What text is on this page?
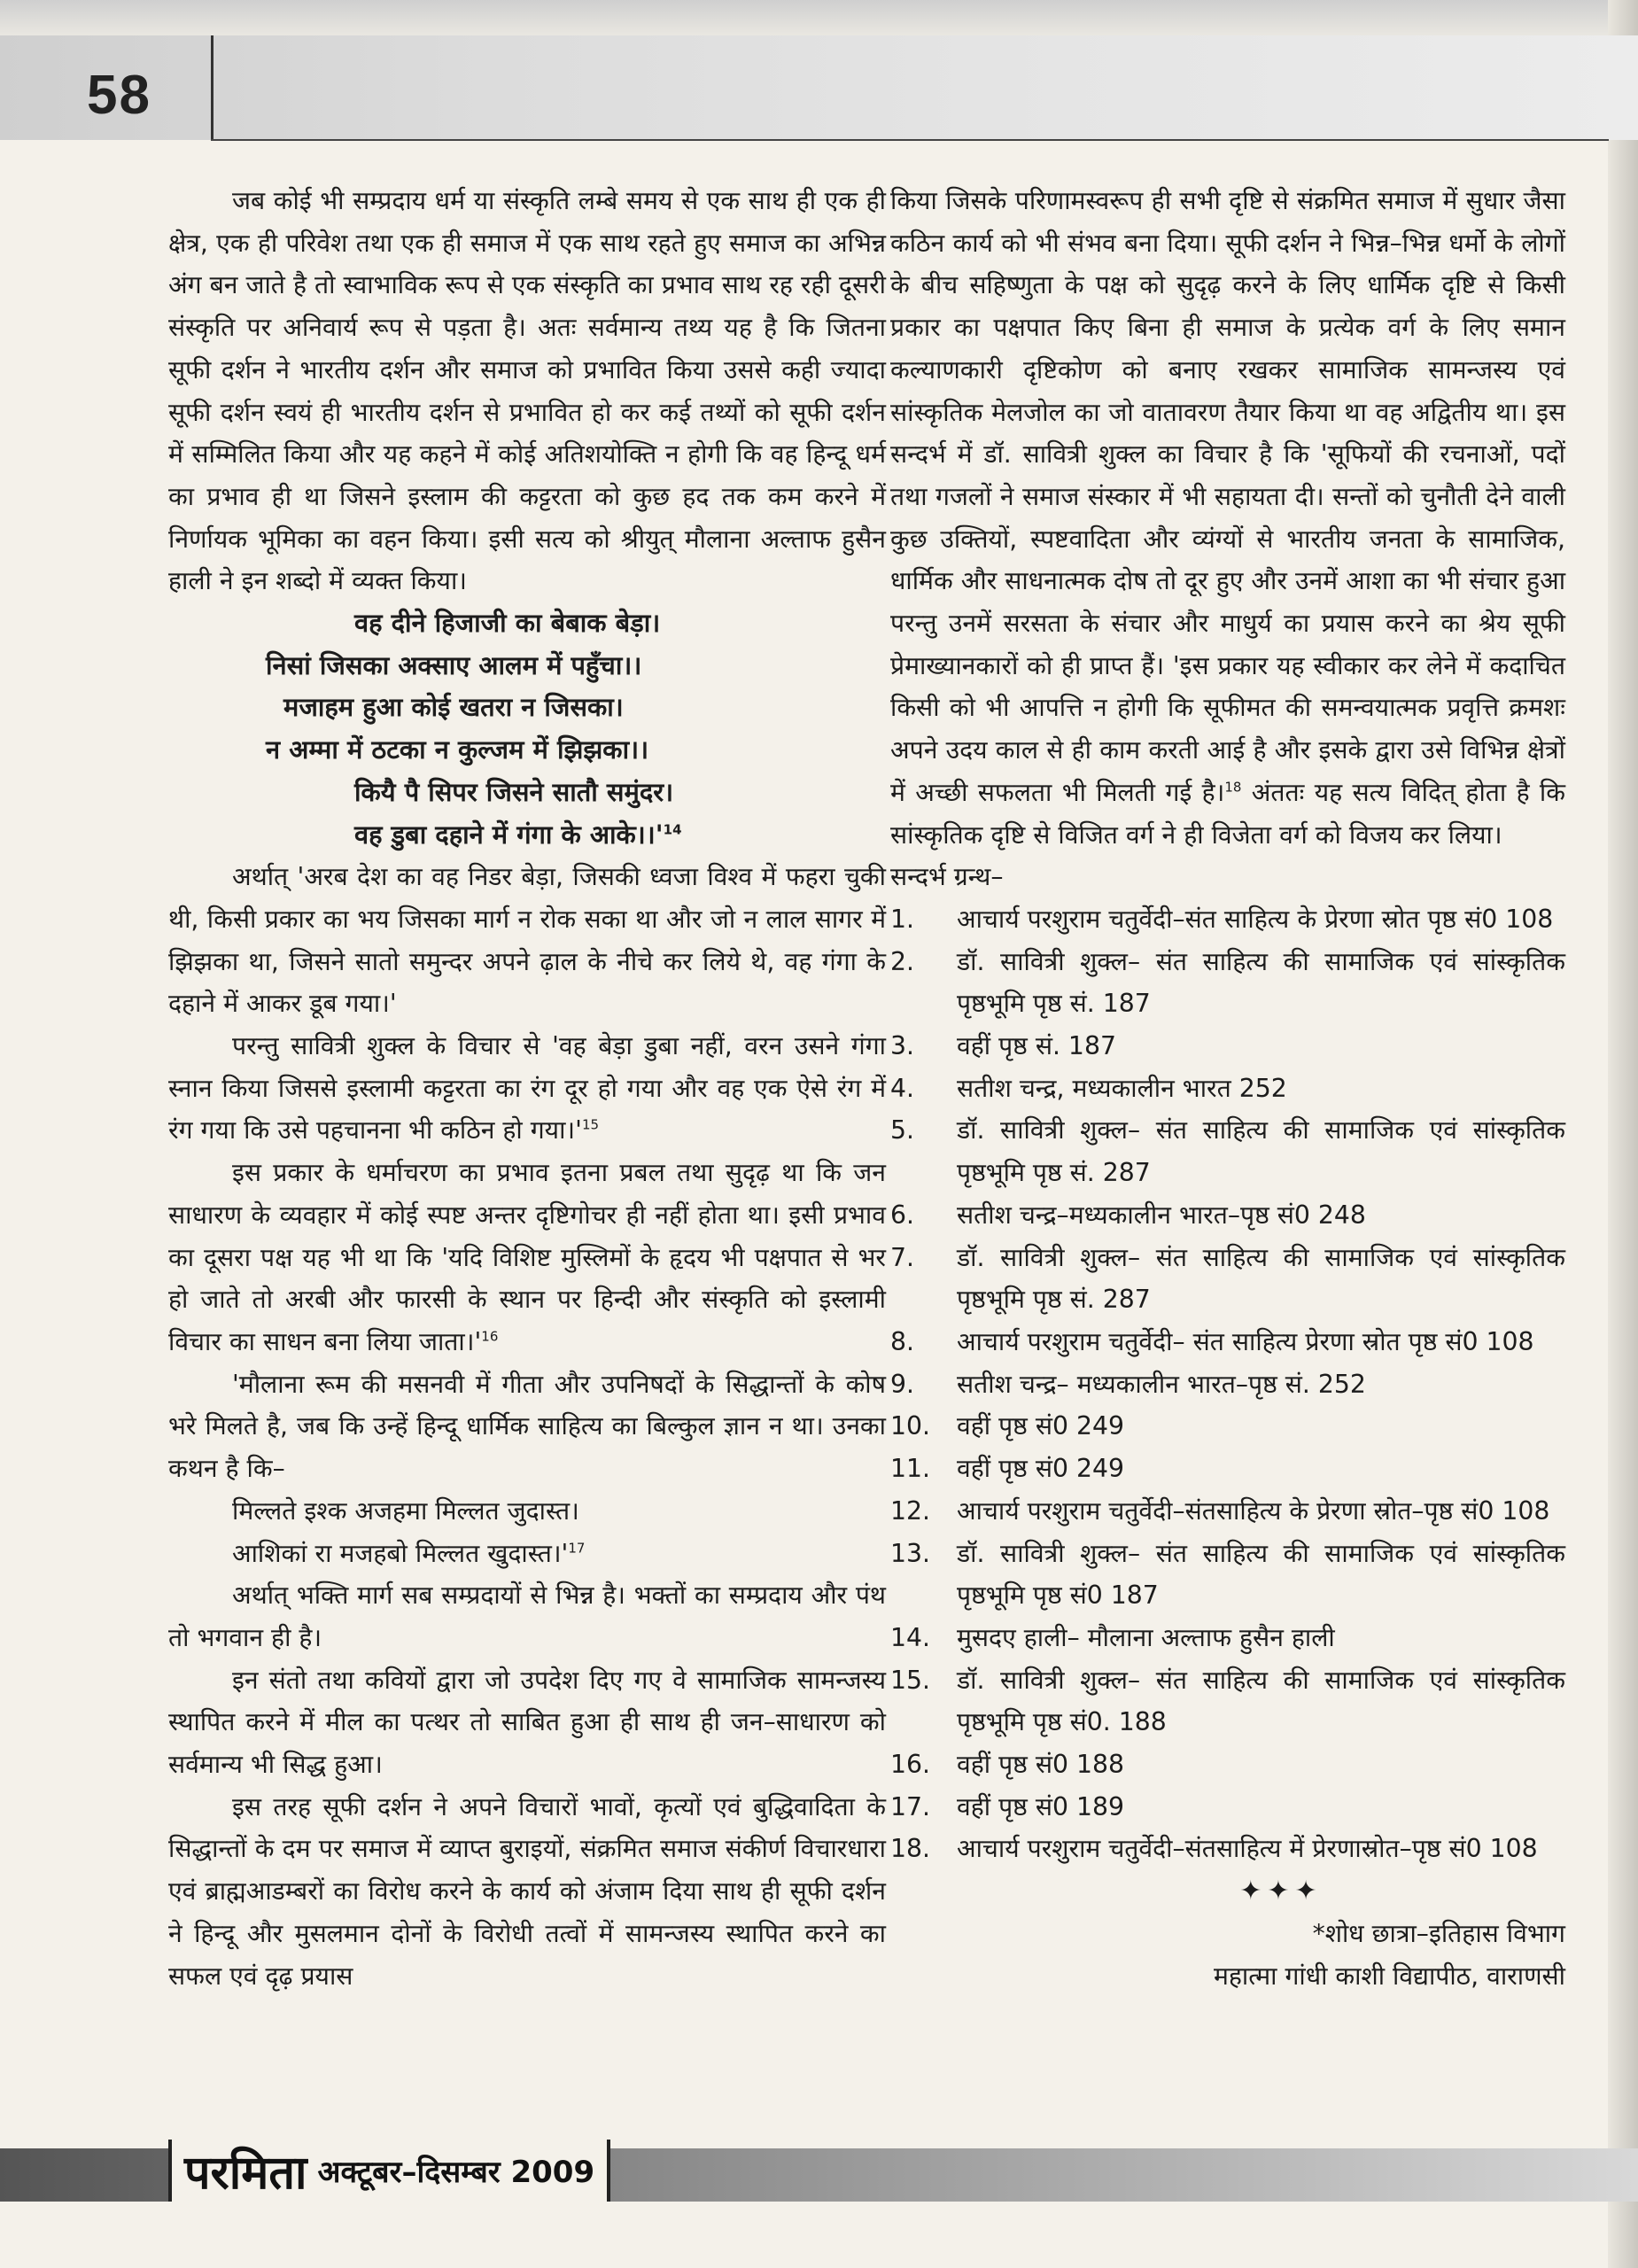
58

जब कोई भी सम्प्रदाय धर्म या संस्कृति लम्बे समय से एक साथ ही एक ही क्षेत्र, एक ही परिवेश तथा एक ही समाज में एक साथ रहते हुए समाज का अभिन्न अंग बन जाते है तो स्वाभाविक रूप से एक संस्कृति का प्रभाव साथ रह रही दूसरी संस्कृति पर अनिवार्य रूप से पड़ता है। अतः सर्वमान्य तथ्य यह है कि जितना सूफी दर्शन ने भारतीय दर्शन और समाज को प्रभावित किया उससे कही ज्यादा सूफी दर्शन स्वयं ही भारतीय दर्शन से प्रभावित हो कर कई तथ्यों को सूफी दर्शन में सम्मिलित किया और यह कहने में कोई अतिशयोक्ति न होगी कि वह हिन्दू धर्म का प्रभाव ही था जिसने इस्लाम की कट्टरता को कुछ हद तक कम करने में निर्णायक भूमिका का वहन किया। इसी सत्य को श्रीयुत् मौलाना अल्ताफ हुसैन हाली ने इन शब्दो में व्यक्त किया।

वह दीने हिजाजी का बेबाक बेड़ा।

निसां जिसका अक्साए आलम में पहुँचा।।

मजाहम हुआ कोई खतरा न जिसका।

न अम्मा में ठटका न कुल्जम में झिझका।।

कियै पै सिपर जिसने साताै समुंदर।

वह डुबा दहाने में गंगा के $आके।।'^{14}$

अर्थात् 'अरब देश का वह निडर बेड़ा, जिसकी ध्वजा विश्व में फहरा चुकी थी, किसी प्रकार का भय जिसका मार्ग न रोक सका था और जो न लाल सागर में झिझका था, जिसने सातो समुन्दर अपने ढ़ाल के नीचे कर लिये थे, वह गंगा के दहाने में आकर डूब गया।'

परन्तु सावित्री शुक्ल के विचार से 'वह बेड़ा डुबा नहीं, वरन उसने गंगा स्नान किया जिससे इस्लामी कट्टरता का रंग दूर हो गया और वह एक ऐसे रंग में रंग गया कि उसे पहचानना भी कठिन हो $गया।'^{15}$

इस प्रकार के धर्माचरण का प्रभाव इतना प्रबल तथा सुदृढ़ था कि जन साधारण के व्यवहार में कोई स्पष्ट अन्तर दृष्टिगोचर ही नहीं होता था। इसी प्रभाव का दूसरा पक्ष यह भी था कि 'यदि विशिष्ट मुस्लिमों के हृदय भी पक्षपात से भर हो जाते तो अरबी और फारसी के स्थान पर हिन्दी और संस्कृति को इस्लामी विचार का साधन बना लिया $जाता।'^{16}$

'मौलाना रूम की मसनवी में गीता और उपनिषदों के सिद्धान्तों के कोष भरे मिलते है, जब कि उन्हें हिन्दू धार्मिक साहित्य का बिल्कुल ज्ञान न था। उनका कथन है कि–

मिल्लते इश्क अजहमा मिल्लत जुदास्त।

आशिकां रा मजहबो मिल्लत $खुदास्त।'^{17}$

अर्थात् भक्ति मार्ग सब सम्प्रदायों से भिन्न है। भक्तों का सम्प्रदाय और पंथ तो भगवान ही है।

इन संतो तथा कवियों द्वारा जो उपदेश दिए गए वे सामाजिक सामन्जस्य स्थापित करने में मील का पत्थर तो साबित हुआ ही साथ ही जन–साधारण को सर्वमान्य भी सिद्ध हुआ।

इस तरह सूफी दर्शन ने अपने विचारों भावों, कृत्यों एवं बुद्धिवादिता के सिद्धान्तों के दम पर समाज में व्याप्त बुराइयों, संक्रमित समाज संकीर्ण विचारधारा एवं ब्राह्मआडम्बरों का विरोध करने के कार्य को अंजाम दिया साथ ही सूफी दर्शन ने हिन्दू और मुसलमान दोनों के विरोधी तत्वों में सामन्जस्य स्थापित करने का सफल एवं दृढ़ प्रयास

किया जिसके परिणामस्वरूप ही सभी दृष्टि से संक्रमित समाज में सुधार जैसा कठिन कार्य को भी संभव बना दिया। सूफी दर्शन ने भिन्न–भिन्न धर्मो के लोगों के बीच सहिष्णुता के पक्ष को सुदृढ़ करने के लिए धार्मिक दृष्टि से किसी प्रकार का पक्षपात किए बिना ही समाज के प्रत्येक वर्ग के लिए समान कल्याणकारी दृष्टिकोण को बनाए रखकर सामाजिक सामन्जस्य एवं सांस्कृतिक मेलजोल का जो वातावरण तैयार किया था वह अद्वितीय था। इस सन्दर्भ में डॉ. सावित्री शुक्ल का विचार है कि 'सूफियों की रचनाओं, पदों तथा गजलों ने समाज संस्कार में भी सहायता दी। सन्तों को चुनौती देने वाली कुछ उक्तियों, स्पष्टवादिता और व्यंग्यों से भारतीय जनता के सामाजिक, धार्मिक और साधनात्मक दोष तो दूर हुए और उनमें आशा का भी संचार हुआ परन्तु उनमें सरसता के संचार और माधुर्य का प्रयास करने का श्रेय सूफी प्रेमाख्यानकारों को ही प्राप्त हैं। 'इस प्रकार यह स्वीकार कर लेने में कदाचित किसी को भी आपत्ति न होगी कि सूफीमत की समन्वयात्मक प्रवृत्ति क्रमशः अपने उदय काल से ही काम करती आई है और इसके द्वारा उसे विभिन्न क्षेत्रों में अच्छी सफलता भी मिलती गई है।$^{18}$ अंततः यह सत्य विदित् होता है कि सांस्कृतिक दृष्टि से विजित वर्ग ने ही विजेता वर्ग को विजय कर लिया।

सन्दर्भ ग्रन्थ–

1.	आचार्य परशुराम चतुर्वेदी–संत साहित्य के प्रेरणा स्रोत पृष्ठ सं0 108
2.	डॉ. सावित्री शुक्ल– संत साहित्य की सामाजिक एवं सांस्कृतिक पृष्ठभूमि पृष्ठ सं. 187
3.	वहीं पृष्ठ सं. 187
4.	सतीश चन्द्र, मध्यकालीन भारत 252
5.	डॉ. सावित्री शुक्ल– संत साहित्य की सामाजिक एवं सांस्कृतिक पृष्ठभूमि पृष्ठ सं. 287
6.	सतीश चन्द्र–मध्यकालीन भारत–पृष्ठ सं0 248
7.	डॉ. सावित्री शुक्ल– संत साहित्य की सामाजिक एवं सांस्कृतिक पृष्ठभूमि पृष्ठ सं. 287
8.	आचार्य परशुराम चतुर्वेदी– संत साहित्य प्रेरणा स्रोत पृष्ठ सं0 108
9.	सतीश चन्द्र– मध्यकालीन भारत–पृष्ठ सं. 252
10.	वहीं पृष्ठ सं0 249
11.	वहीं पृष्ठ सं0 249
12.	आचार्य परशुराम चतुर्वेदी–संतसाहित्य के प्रेरणा स्रोत–पृष्ठ सं0 108
13.	डॉ. सावित्री शुक्ल– संत साहित्य की सामाजिक एवं सांस्कृतिक पृष्ठभूमि पृष्ठ सं0 187
14.	मुसदए हाली– मौलाना अल्ताफ हुसैन हाली
15.	डॉ. सावित्री शुक्ल– संत साहित्य की सामाजिक एवं सांस्कृतिक पृष्ठभूमि पृष्ठ सं0. 188
16.	वहीं पृष्ठ सं0 188
17.	वहीं पृष्ठ सं0 189
18.	आचार्य परशुराम चतुर्वेदी–संतसाहित्य में प्रेरणास्रोत–पृष्ठ सं0 108

✦✦✦

*शोध छात्रा–इतिहास विभाग

महात्मा गांधी काशी विद्यापीठ, वाराणसी

परमिता अक्टूबर–दिसम्बर 2009
